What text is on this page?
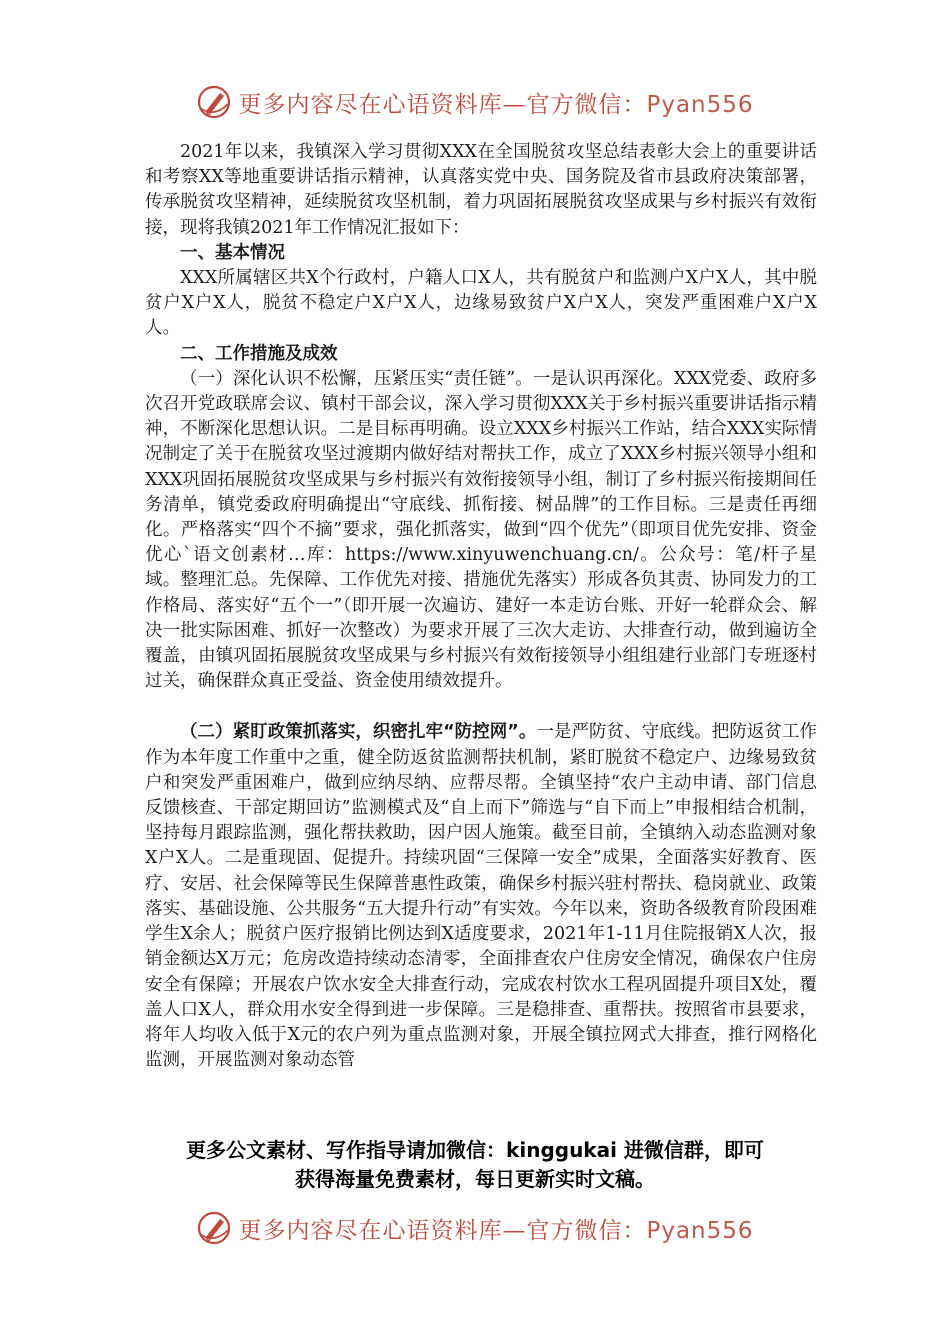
更多内容尽在心语资料库—官方微信：Pyan556

2021年以来，我镇深入学习贯彻XXX在全国脱贫攻坚总结表彰大会上的重要讲话和考察XX等地重要讲话指示精神，认真落实党中央、国务院及省市县政府决策部署，传承脱贫攻坚精神，延续脱贫攻坚机制，着力巩固拓展脱贫攻坚成果与乡村振兴有效衔接，现将我镇2021年工作情况汇报如下：

一、基本情况

XXX所属辖区共X个行政村，户籍人口X人，共有脱贫户和监测户X户X人，其中脱贫户X户X人，脱贫不稳定户X户X人，边缘易致贫户X户X人，突发严重困难户X户X人。

二、工作措施及成效

（一）深化认识不松懈，压紧压实“责任链”。一是认识再深化。XXX党委、政府多次召开党政联席会议、镇村干部会议，深入学习贯彻XXX关于乡村振兴重要讲话指示精神，不断深化思想认识。二是目标再明确。设立XXX乡村振兴工作站，结合XXX实际情况制定了关于在脱贫攻坚过渡期内做好结对帮扶工作，成立了XXX乡村振兴领导小组和XXX巩固拓展脱贫攻坚成果与乡村振兴有效衔接领导小组，制订了乡村振兴衔接期间任务清单，镇党委政府明确提出“守底线、抓衔接、树品牌”的工作目标。三是责任再细化。严格落实“四个不摘”要求，强化抓落实，做到“四个优先”（即项目优先安排、资金优心`语文创素材…库：https://www.xinyuwenchuang.cn/。公众号：笔/杆子星域。整理汇总。先保障、工作优先对接、措施优先落实）形成各负其责、协同发力的工作格局、落实好“五个一”（即开展一次遍访、建好一本走访台账、开好一轮群众会、解决一批实际困难、抓好一次整改）为要求开展了三次大走访、大排查行动，做到遍访全覆盖，由镇巩固拓展脱贫攻坚成果与乡村振兴有效衔接领导小组组建行业部门专班逐村过关，确保群众真正受益、资金使用绩效提升。

（二）紧盯政策抓落实，织密扎牢“防控网”。一是严防贫、守底线。把防返贫工作作为本年度工作重中之重，健全防返贫监测帮扶机制，紧盯脱贫不稳定户、边缘易致贫户和突发严重困难户，做到应纳尽纳、应帮尽帮。全镇坚持“农户主动申请、部门信息反馈核查、干部定期回访”监测模式及“自上而下”筛选与“自下而上”申报相结合机制，坚持每月跟踪监测，强化帮扶救助，因户因人施策。截至目前，全镇纳入动态监测对象X户X人。二是重现固、促提升。持续巩固“三保障一安全”成果，全面落实好教育、医疗、安居、社会保障等民生保障普惠性政策，确保乡村振兴驻村帮扶、稳岗就业、政策落实、基础设施、公共服务“五大提升行动”有实效。今年以来，资助各级教育阶段困难学生X余人；脱贫户医疗报销比例达到X适度要求，2021年1-11月住院报销X人次，报销金额达X万元；危房改造持续动态清零，全面排查农户住房安全情况，确保农户住房安全有保障；开展农户饮水安全大排查行动，完成农村饮水工程巩固提升项目X处，覆盖人口X人，群众用水安全得到进一步保障。三是稳排查、重帮扶。按照省市县要求，将年人均收入低于X元的农户列为重点监测对象，开展全镇拉网式大排查，推行网格化监测，开展监测对象动态管

更多公文素材、写作指导请加微信：kinggukai 进微信群，即可
获得海量免费素材，每日更新实时文稿。
更多内容尽在心语资料库—官方微信：Pyan556
